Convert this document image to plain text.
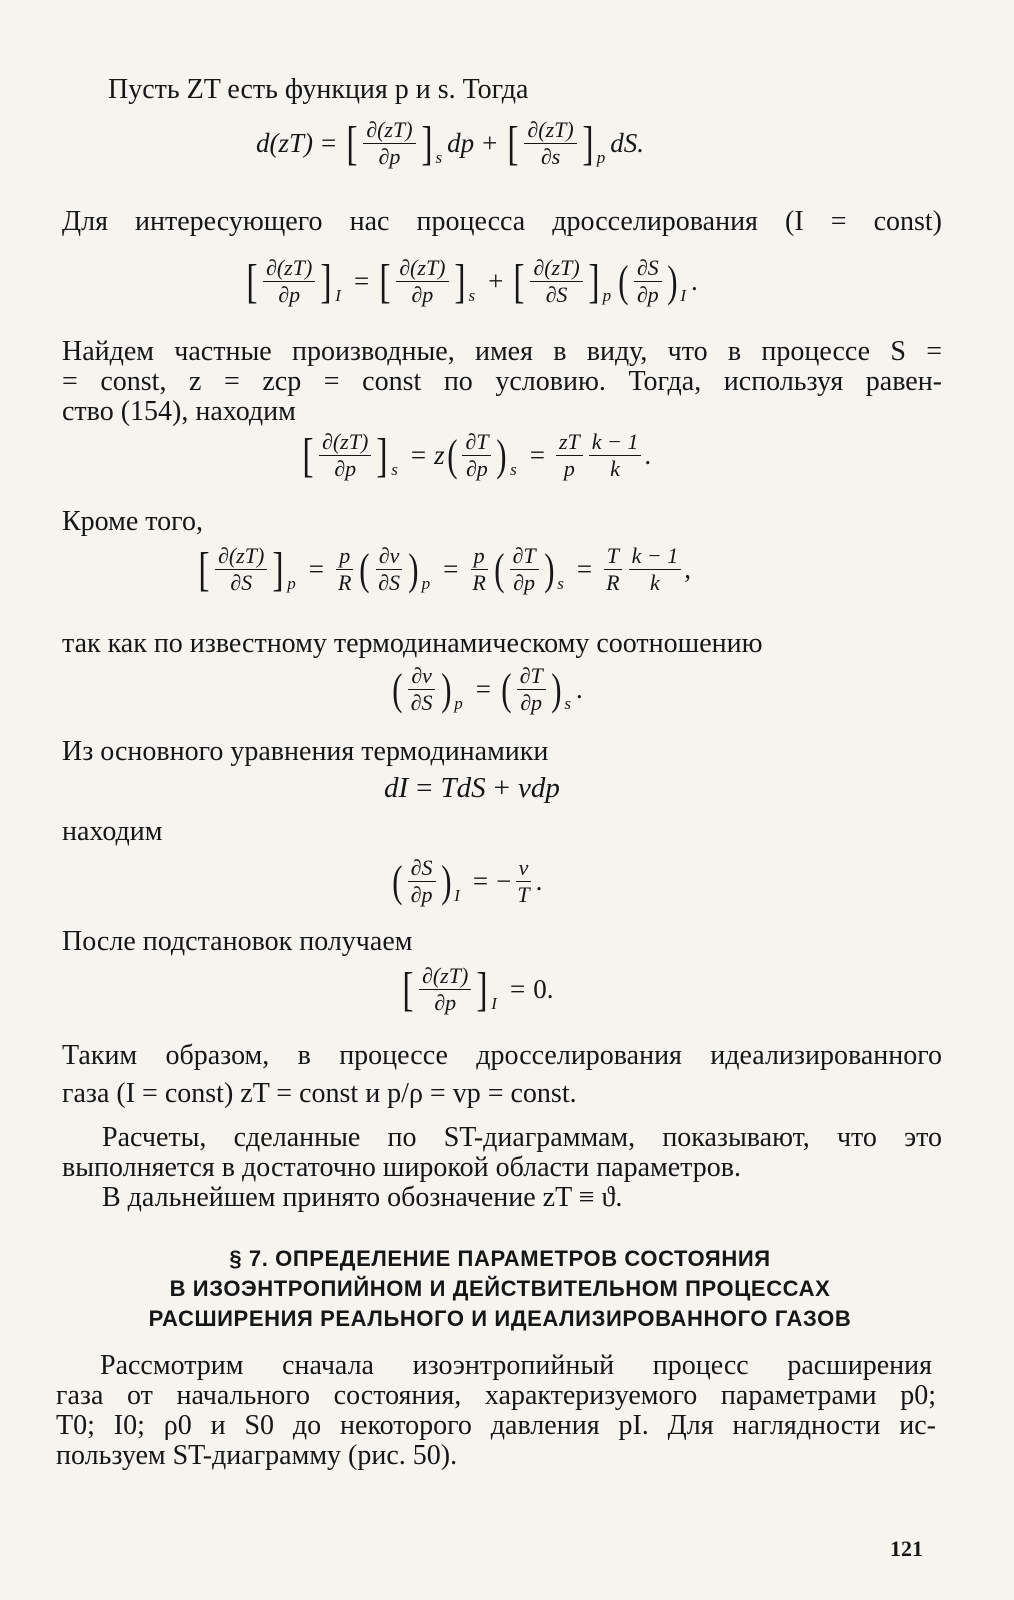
Пусть ZT есть функция p и s. Тогда
d(zT) = [ $\frac{\partial(zT)}{\partial p}$ ] s dp + [ $\frac{\partial(zT)}{\partial s}$ ] p dS.
Для интересующего нас процесса дросселирования (I = const)
[ $\frac{\partial(zT)}{\partial p}$ ] I = [ $\frac{\partial(zT)}{\partial p}$ ] s + [ $\frac{\partial(zT)}{\partial S}$ ] p ( $\frac{\partial S}{\partial p}$ ) I .
Найдем частные производные, имея в виду, что в процессе S =
= const, z = zср = const по условию. Тогда, используя равен-
ство (154), находим
[ $\frac{\partial(zT)}{\partial p}$ ] s = z ( $\frac{\partial T}{\partial p}$ ) $s = \frac{zT}{p} \frac{k - 1}{k}$ .
Кроме того,
[ $\frac{\partial(zT)}{\partial S}$ ] $p = \frac{p}{R}$ ( $\frac{\partial v}{\partial S}$ ) $p = \frac{p}{R}$ ( $\frac{\partial T}{\partial p}$ ) $s = \frac{T}{R} \frac{k - 1}{k}$ ,
так как по известному термодинамическому соотношению
( $\frac{\partial v}{\partial S}$ ) p = ( $\frac{\partial T}{\partial p}$ ) s .
Из основного уравнения термодинамики
dI = TdS + vdp
находим
( $\frac{\partial S}{\partial p}$ ) I = − $\frac{v}{T}$ .
После подстановок получаем
[ $\frac{\partial(zT)}{\partial p}$ ] I = 0.
Таким образом, в процессе дросселирования идеализированного
газа (I = const) zT = const и p/ρ = vp = const.
Расчеты, сделанные по ST-диаграммам, показывают, что это
выполняется в достаточно широкой области параметров.
В дальнейшем принято обозначение zT ≡ ϑ.
§ 7. ОПРЕДЕЛЕНИЕ ПАРАМЕТРОВ СОСТОЯНИЯ
В ИЗОЭНТРОПИЙНОМ И ДЕЙСТВИТЕЛЬНОМ ПРОЦЕССАХ
РАСШИРЕНИЯ РЕАЛЬНОГО И ИДЕАЛИЗИРОВАННОГО ГАЗОВ
Рассмотрим сначала изоэнтропийный процесс расширения
газа от начального состояния, характеризуемого параметрами p0;
T0; I0; ρ0 и S0 до некоторого давления pI. Для наглядности ис-
пользуем ST-диаграмму (рис. 50).
121
